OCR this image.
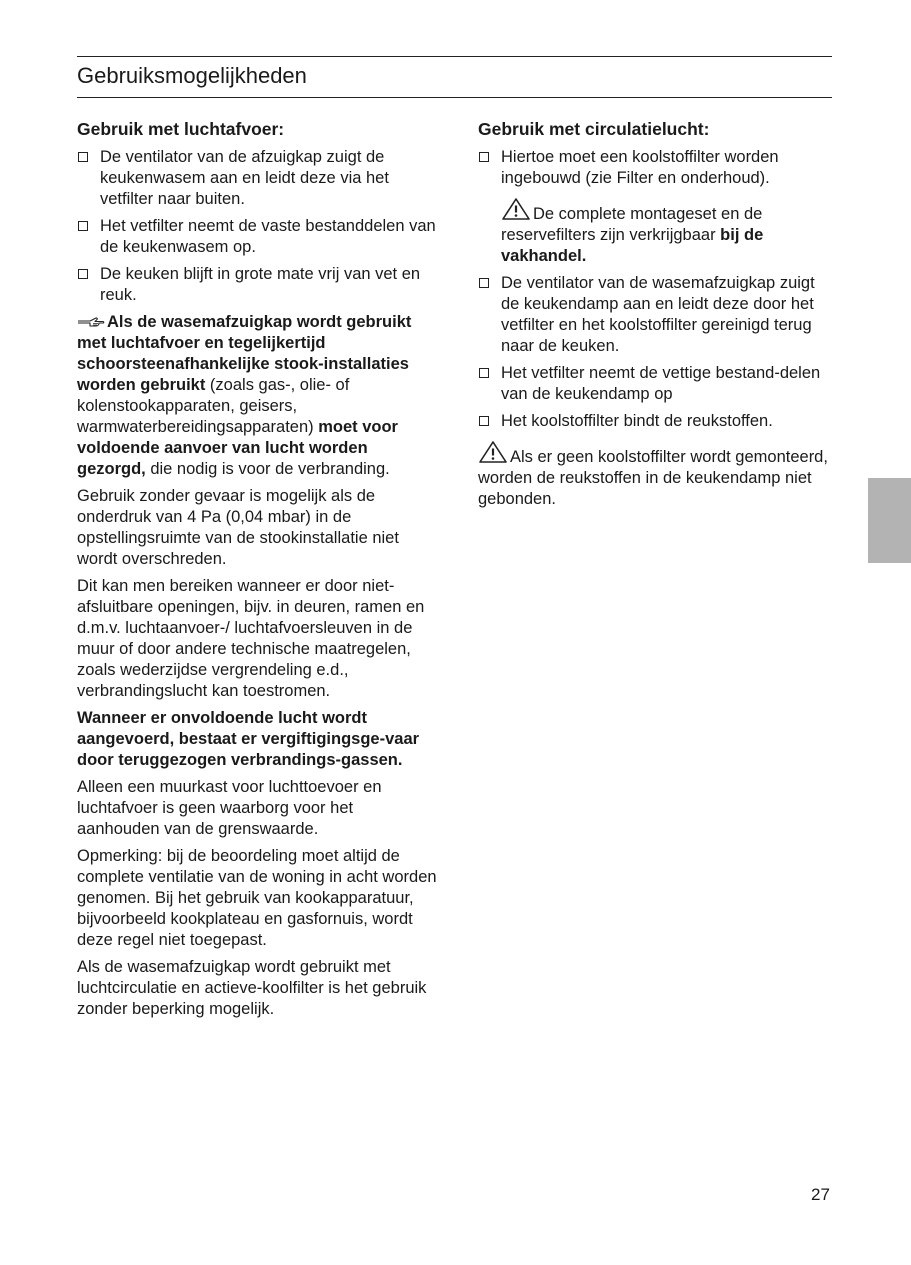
Gebruiksmogelijkheden
Gebruik met luchtafvoer:
De ventilator van de afzuigkap zuigt de keukenwasem aan en leidt deze via het vetfilter naar buiten.
Het vetfilter neemt de vaste bestanddelen van de keukenwasem op.
De keuken blijft in grote mate vrij van vet en reuk.

Als de wasemafzuigkap wordt gebruikt met luchtafvoer en tegelijkertijd schoorsteenafhankelijke stook-installaties worden gebruikt (zoals gas-, olie- of kolenstookapparaten, geisers, warmwaterbereidingsapparaten) moet voor voldoende aanvoer van lucht worden gezorgd, die nodig is voor de verbranding.

Gebruik zonder gevaar is mogelijk als de onderdruk van 4 Pa (0,04 mbar) in de opstellingsruimte van de stookinstallatie niet wordt overschreden.

Dit kan men bereiken wanneer er door niet-afsluitbare openingen, bijv. in deuren, ramen en d.m.v. luchtaanvoer-/ luchtafvoersleuven in de muur of door andere technische maatregelen, zoals wederzijdse vergrendeling e.d., verbrandingslucht kan toestromen.

Wanneer er onvoldoende lucht wordt aangevoerd, bestaat er vergiftigingsge-vaar door teruggezogen verbrandings-gassen.

Alleen een muurkast voor luchttoevoer en luchtafvoer is geen waarborg voor het aanhouden van de grenswaarde.

Opmerking: bij de beoordeling moet altijd de complete ventilatie van de woning in acht worden genomen. Bij het gebruik van kookapparatuur, bijvoorbeeld kookplateau en gasfornuis, wordt deze regel niet toegepast.

Als de wasemafzuigkap wordt gebruikt met luchtcirculatie en actieve-koolfilter is het gebruik zonder beperking mogelijk.

Gebruik met circulatielucht:
Hiertoe moet een koolstoffilter worden ingebouwd (zie Filter en onderhoud).

De complete montageset en de reservefilters zijn verkrijgbaar bij de vakhandel.

De ventilator van de wasemafzuigkap zuigt de keukendamp aan en leidt deze door het vetfilter en het koolstoffilter gereinigd terug naar de keuken.
Het vetfilter neemt de vettige bestand-delen van de keukendamp op
Het koolstoffilter bindt de reukstoffen.

Als er geen koolstoffilter wordt gemonteerd, worden de reukstoffen in de keukendamp niet gebonden.

27
